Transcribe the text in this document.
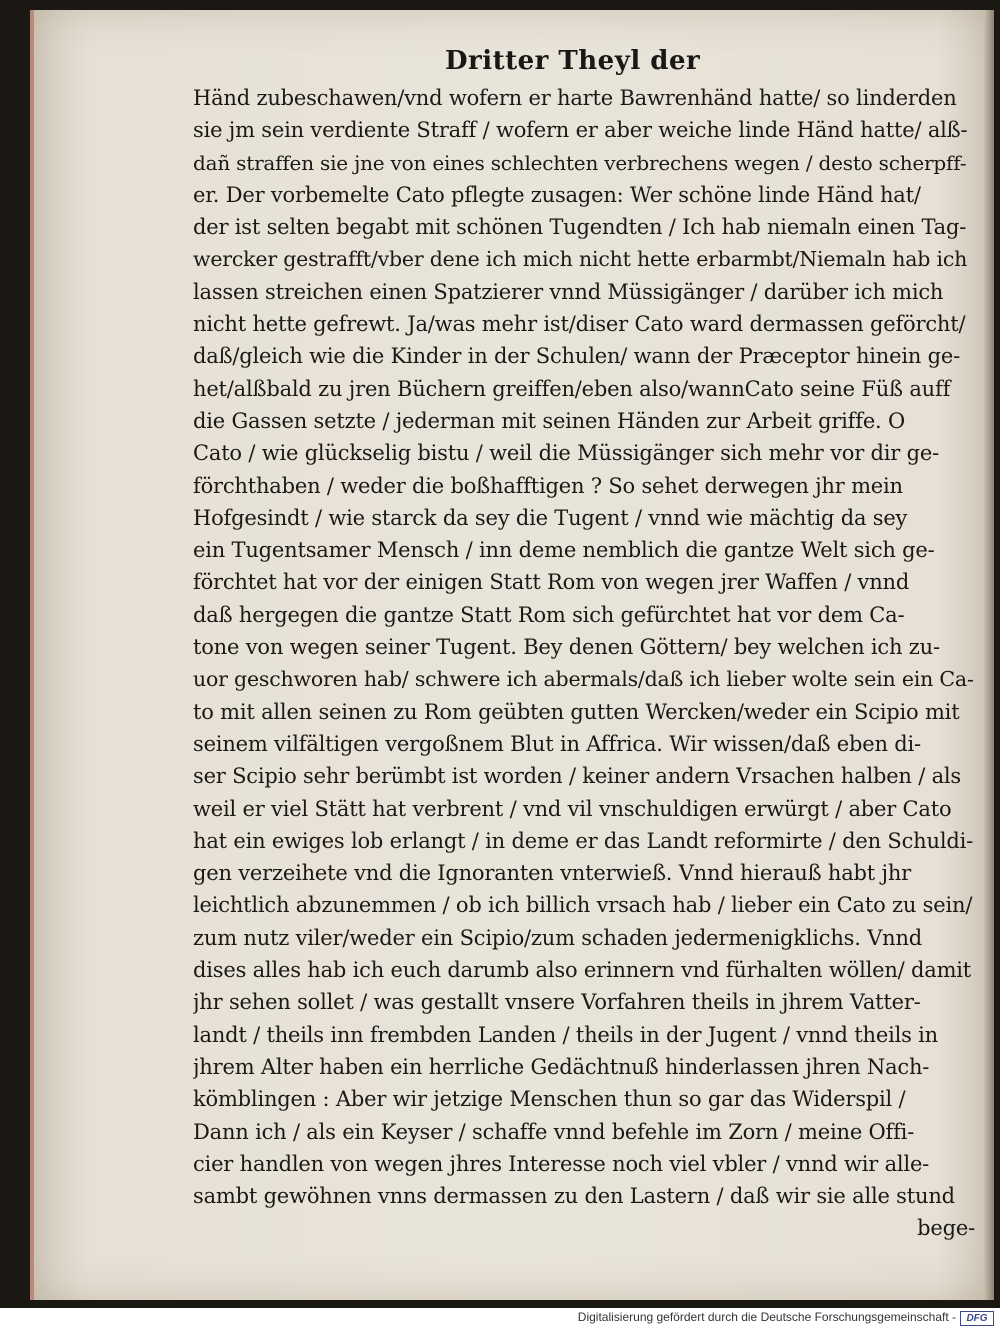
Dritter Theyl der
Händ zubeschawen/vnd wofern er harte Bawrenhänd hatte/ so linderden
sie jm sein verdiente Straff / wofern er aber weiche linde Händ hatte/ alß-
dañ straffen sie jne von eines schlechten verbrechens wegen / desto scherpff-
er. Der vorbemelte Cato pflegte zusagen: Wer schöne linde Händ hat/
der ist selten begabt mit schönen Tugendten / Ich hab niemaln einen Tag-
wercker gestrafft/vber dene ich mich nicht hette erbarmbt/Niemaln hab ich
lassen streichen einen Spatzierer vnnd Müssigänger / darüber ich mich
nicht hette gefrewt. Ja/was mehr ist/diser Cato ward dermassen geförcht/
daß/gleich wie die Kinder in der Schulen/ wann der Præceptor hinein ge-
het/alßbald zu jren Büchern greiffen/eben also/wannCato seine Füß auff
die Gassen setzte / jederman mit seinen Händen zur Arbeit griffe. O
Cato / wie glückselig bistu / weil die Müssigänger sich mehr vor dir ge-
förchthaben / weder die boßhafftigen ? So sehet derwegen jhr mein
Hofgesindt / wie starck da sey die Tugent / vnnd wie mächtig da sey
ein Tugentsamer Mensch / inn deme nemblich die gantze Welt sich ge-
förchtet hat vor der einigen Statt Rom von wegen jrer Waffen / vnnd
daß hergegen die gantze Statt Rom sich gefürchtet hat vor dem Ca-
tone von wegen seiner Tugent. Bey denen Göttern/ bey welchen ich zu-
uor geschworen hab/ schwere ich abermals/daß ich lieber wolte sein ein Ca-
to mit allen seinen zu Rom geübten gutten Wercken/weder ein Scipio mit
seinem vilfältigen vergoßnem Blut in Affrica. Wir wissen/daß eben di-
ser Scipio sehr berümbt ist worden / keiner andern Vrsachen halben / als
weil er viel Stätt hat verbrent / vnd vil vnschuldigen erwürgt / aber Cato
hat ein ewiges lob erlangt / in deme er das Landt reformirte / den Schuldi-
gen verzeihete vnd die Ignoranten vnterwieß. Vnnd hierauß habt jhr
leichtlich abzunemmen / ob ich billich vrsach hab / lieber ein Cato zu sein/
zum nutz viler/weder ein Scipio/zum schaden jedermenigklichs. Vnnd
dises alles hab ich euch darumb also erinnern vnd fürhalten wöllen/ damit
jhr sehen sollet / was gestallt vnsere Vorfahren theils in jhrem Vatter-
landt / theils inn frembden Landen / theils in der Jugent / vnnd theils in
jhrem Alter haben ein herrliche Gedächtnuß hinderlassen jhren Nach-
kömblingen : Aber wir jetzige Menschen thun so gar das Widerspil /
Dann ich / als ein Keyser / schaffe vnnd befehle im Zorn / meine Offi-
cier handlen von wegen jhres Interesse noch viel vbler / vnnd wir alle-
sambt gewöhnen vnns dermassen zu den Lastern / daß wir sie alle stund
bege-
Digitalisierung gefördert durch die Deutsche Forschungsgemeinschaft -	DFG
